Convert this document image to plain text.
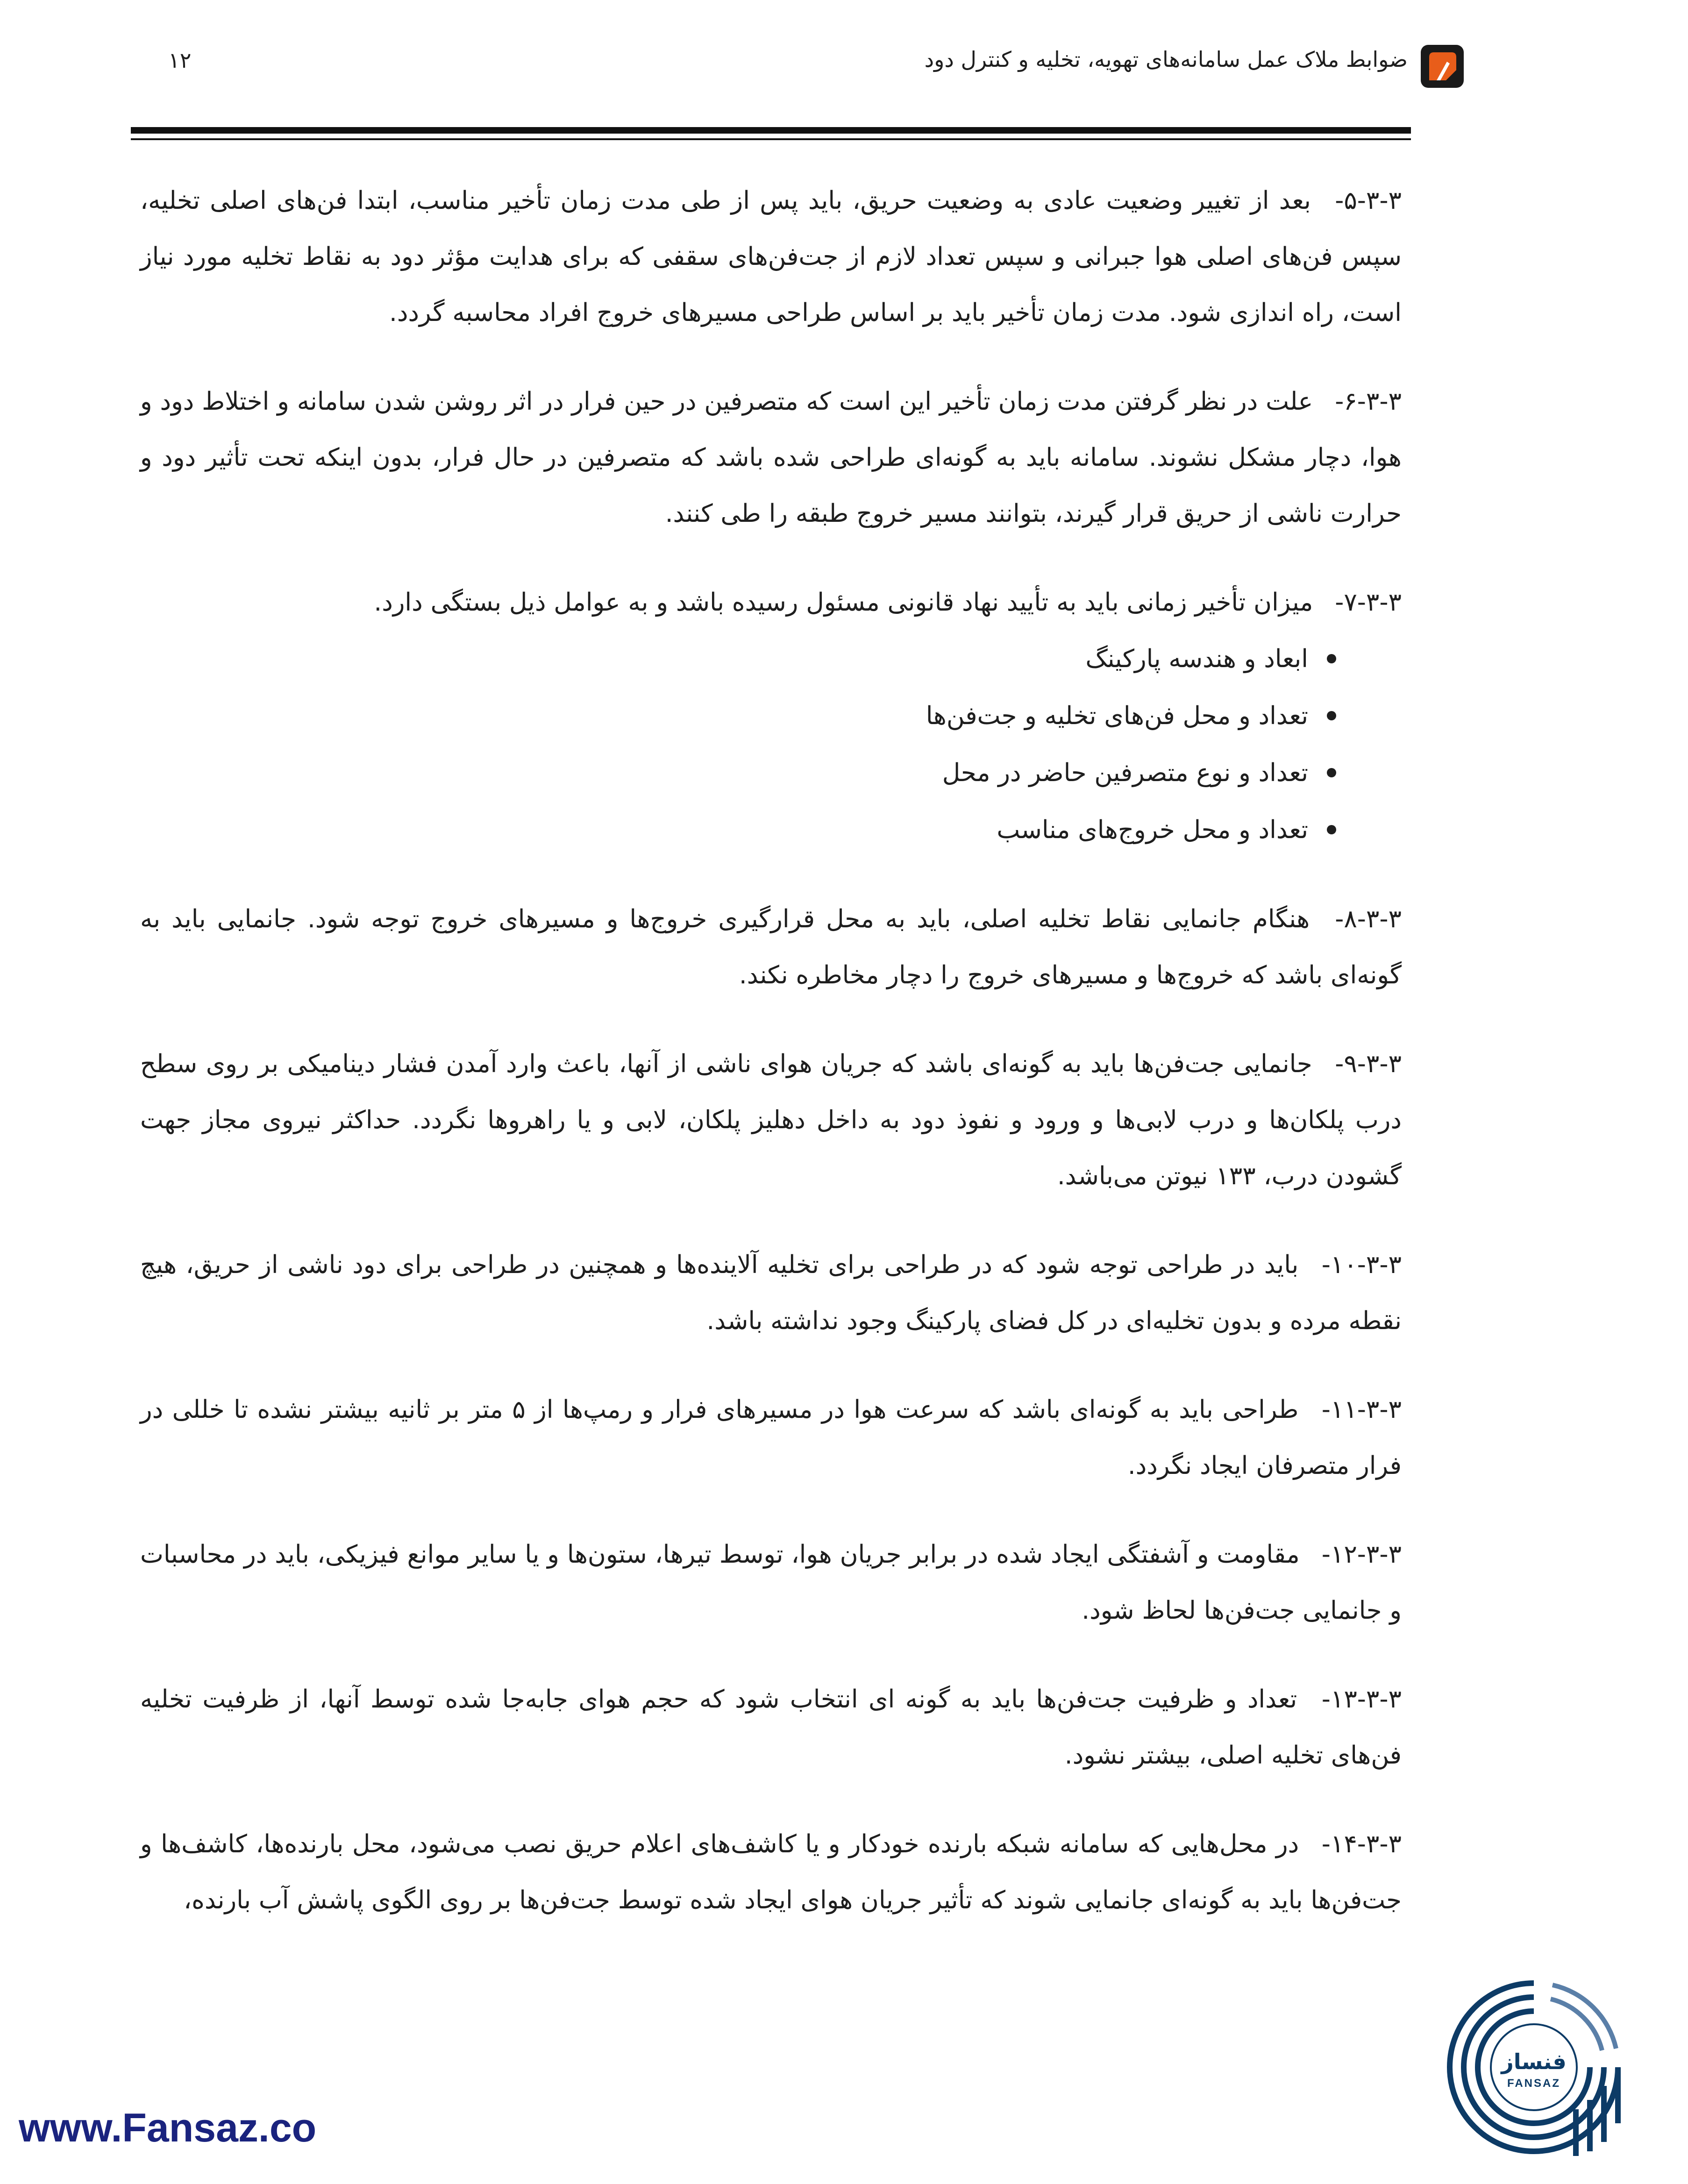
ضوابط ملاک عمل سامانه‌های تهویه، تخلیه و کنترل دود
۱۲

۵-۳-۳- بعد از تغییر وضعیت عادی به وضعیت حریق، باید پس از طی مدت زمان تأخیر مناسب، ابتدا فن‌های اصلی تخلیه، سپس فن‌های اصلی هوا جبرانی و سپس تعداد لازم از جت‌فن‌های سقفی که برای هدایت مؤثر دود به نقاط تخلیه مورد نیاز است، راه اندازی شود. مدت زمان تأخیر باید بر اساس طراحی مسیرهای خروج افراد محاسبه گردد.

۶-۳-۳- علت در نظر گرفتن مدت زمان تأخیر این است که متصرفین در حین فرار در اثر روشن شدن سامانه و اختلاط دود و هوا، دچار مشکل نشوند. سامانه باید به گونه‌ای طراحی شده باشد که متصرفین در حال فرار، بدون اینکه تحت تأثیر دود و حرارت ناشی از حریق قرار گیرند، بتوانند مسیر خروج طبقه را طی کنند.

۷-۳-۳- میزان تأخیر زمانی باید به تأیید نهاد قانونی مسئول رسیده باشد و به عوامل ذیل بستگی دارد.

ابعاد و هندسه پارکینگ
تعداد و محل فن‌های تخلیه و جت‌فن‌ها
تعداد و نوع متصرفین حاضر در محل
تعداد و محل خروج‌های مناسب

۸-۳-۳- هنگام جانمایی نقاط تخلیه اصلی، باید به محل قرارگیری خروج‌ها و مسیرهای خروج توجه شود. جانمایی باید به گونه‌ای باشد که خروج‌ها و مسیرهای خروج را دچار مخاطره نکند.

۹-۳-۳- جانمایی جت‌فن‌ها باید به گونه‌ای باشد که جریان هوای ناشی از آنها، باعث وارد آمدن فشار دینامیکی بر روی سطح درب پلکان‌ها و درب لابی‌ها و ورود و نفوذ دود به داخل دهلیز پلکان، لابی و یا راهروها نگردد. حداکثر نیروی مجاز جهت گشودن درب، ۱۳۳ نیوتن می‌باشد.

۱۰-۳-۳- باید در طراحی توجه شود که در طراحی برای تخلیه آلاینده‌ها و همچنین در طراحی برای دود ناشی از حریق، هیچ نقطه مرده و بدون تخلیه‌ای در کل فضای پارکینگ وجود نداشته باشد.

۱۱-۳-۳- طراحی باید به گونه‌ای باشد که سرعت هوا در مسیرهای فرار و رمپ‌ها از ۵ متر بر ثانیه بیشتر نشده تا خللی در فرار متصرفان ایجاد نگردد.

۱۲-۳-۳- مقاومت و آشفتگی ایجاد شده در برابر جریان هوا، توسط تیرها، ستون‌ها و یا سایر موانع فیزیکی، باید در محاسبات و جانمایی جت‌فن‌ها لحاظ شود.

۱۳-۳-۳- تعداد و ظرفیت جت‌فن‌ها باید به گونه ای انتخاب شود که حجم هوای جابه‌جا شده توسط آنها، از ظرفیت تخلیه فن‌های تخلیه اصلی، بیشتر نشود.

۱۴-۳-۳- در محل‌هایی که سامانه شبکه بارنده خودکار و یا کاشف‌های اعلام حریق نصب می‌شود، محل بارنده‌ها، کاشف‌ها و جت‌فن‌ها باید به گونه‌ای جانمایی شوند که تأثیر جریان هوای ایجاد شده توسط جت‌فن‌ها بر روی الگوی پاشش آب بارنده،

www.Fansaz.co
فنساز
FANSAZ
